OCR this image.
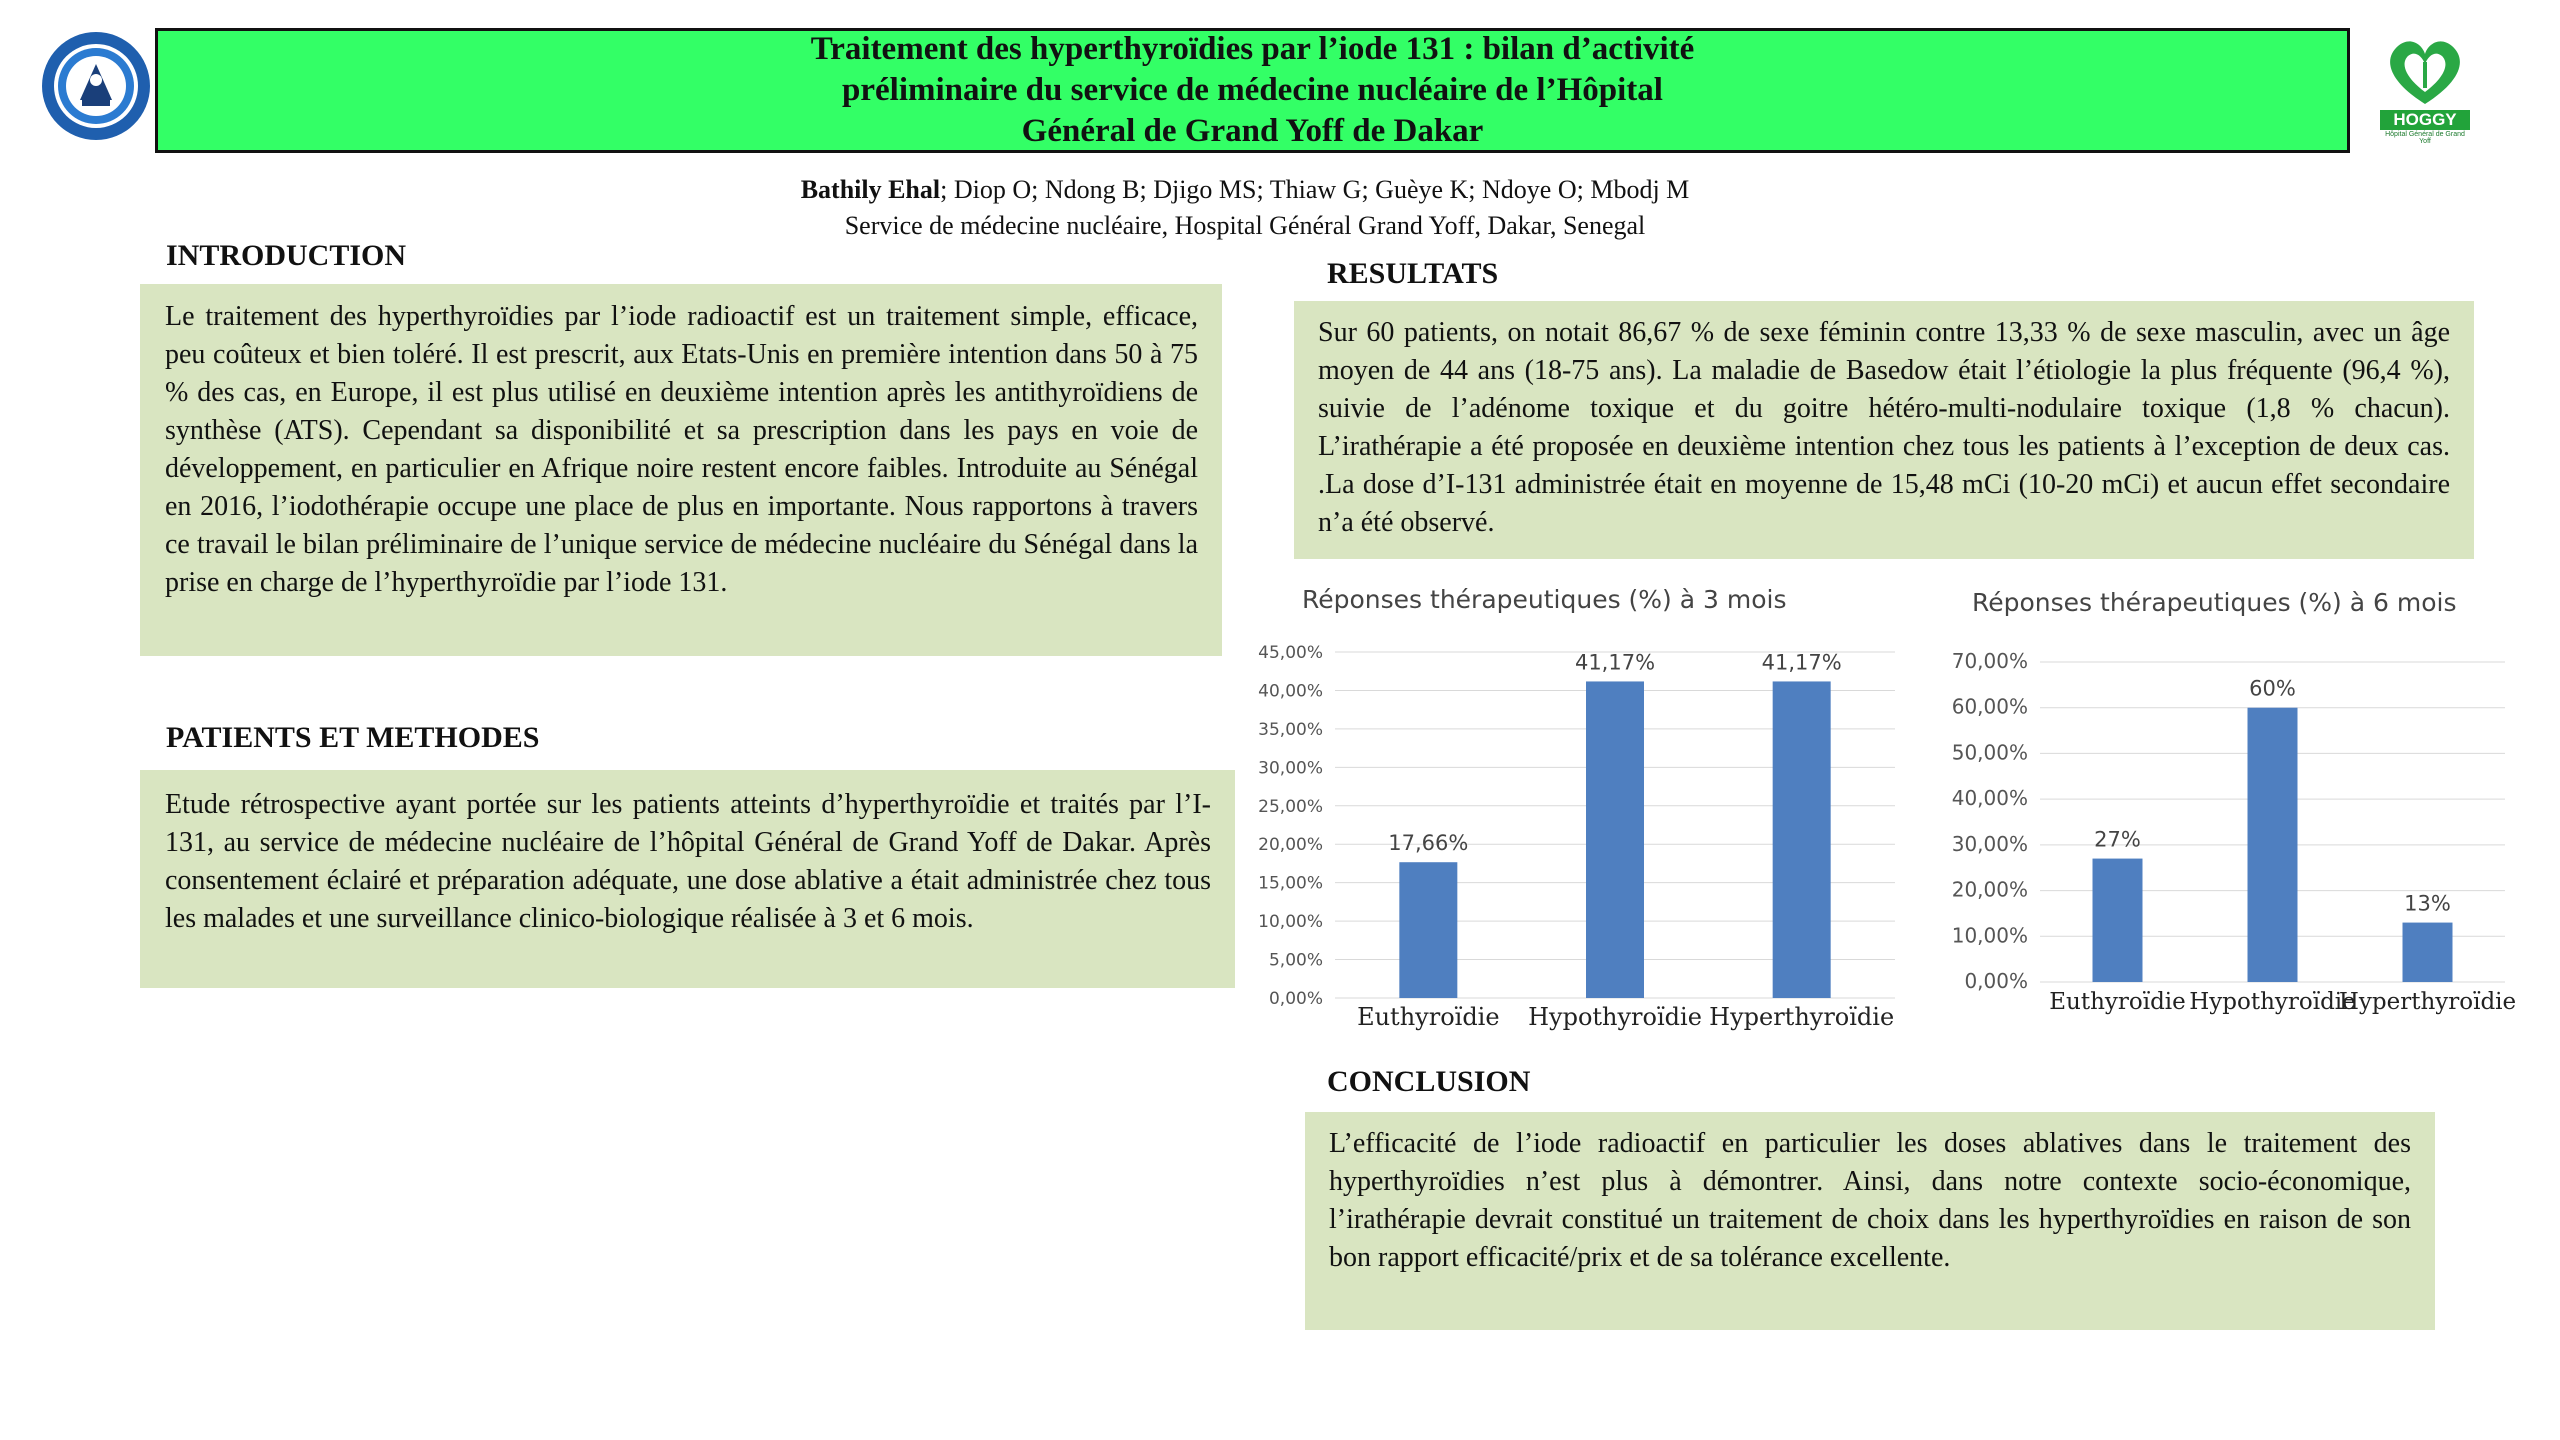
HOGGY
Hôpital Général de Grand Yoff
Traitement des hyperthyroïdies par l’iode 131 : bilan d’activité
préliminaire du service de médecine nucléaire de l’Hôpital
Général de Grand Yoff de Dakar
Bathily Ehal; Diop O; Ndong B; Djigo MS; Thiaw G; Guèye K; Ndoye O; Mbodj M
Service de médecine nucléaire, Hospital Général Grand Yoff, Dakar, Senegal
INTRODUCTION
Le traitement des hyperthyroïdies par l’iode radioactif est un traitement simple, efficace, peu coûteux et bien toléré. Il est prescrit, aux Etats-Unis en première intention dans 50 à 75 % des cas, en Europe, il est plus utilisé en deuxième intention après les antithyroïdiens de synthèse (ATS). Cependant sa disponibilité et sa prescription dans les pays en voie de développement, en particulier en Afrique noire restent encore faibles. Introduite au Sénégal en 2016, l’iodothérapie occupe une place de plus en importante. Nous rapportons à travers ce travail le bilan préliminaire de l’unique service de médecine nucléaire du Sénégal dans la prise en charge de l’hyperthyroïdie par l’iode 131.
PATIENTS ET METHODES
Etude rétrospective ayant portée sur les patients atteints d’hyperthyroïdie et traités par l’I-131, au service de médecine nucléaire de l’hôpital Général de Grand Yoff de Dakar. Après consentement éclairé et préparation adéquate, une dose ablative a était administrée chez tous les malades et une surveillance clinico-biologique réalisée à 3 et 6 mois.
RESULTATS
Sur 60 patients, on notait 86,67 % de sexe féminin contre 13,33 % de sexe masculin, avec un âge moyen de 44 ans (18-75 ans). La maladie de Basedow était l’étiologie la plus fréquente (96,4 %), suivie de l’adénome toxique et du goitre hétéro-multi-nodulaire toxique (1,8 % chacun). L’irathérapie a été proposée en deuxième intention chez tous les patients à l’exception de deux cas. .La dose d’I-131 administrée était en moyenne de 15,48 mCi (10-20 mCi) et aucun effet secondaire n’a été observé.
Réponses thérapeutiques (%) à 3 mois
0,00%
5,00%
10,00%
15,00%
20,00%
25,00%
30,00%
35,00%
40,00%
45,00%
17,66%
Euthyroïdie
41,17%
Hypothyroïdie
41,17%
Hyperthyroïdie
Réponses thérapeutiques (%) à 6 mois
0,00%
10,00%
20,00%
30,00%
40,00%
50,00%
60,00%
70,00%
27%
Euthyroïdie
60%
Hypothyroïdie
13%
Hyperthyroïdie
CONCLUSION
L’efficacité de l’iode radioactif en particulier les doses ablatives dans le traitement des hyperthyroïdies n’est plus à démontrer. Ainsi, dans notre contexte socio-économique, l’irathérapie devrait constitué un traitement de choix dans les hyperthyroïdies en raison de son bon rapport efficacité/prix et de sa tolérance excellente.
